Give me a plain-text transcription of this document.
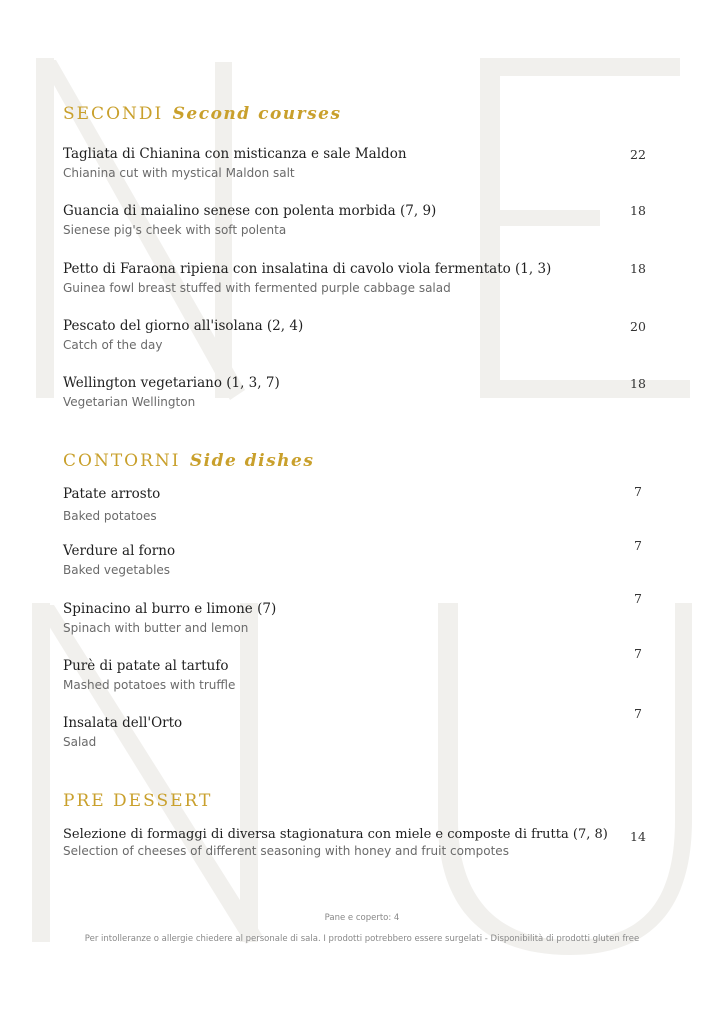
SECONDI Second courses
Tagliata di Chianina con misticanza e sale Maldon
Chianina cut with mystical Maldon salt
22
Guancia di maialino senese con polenta morbida (7, 9)
Sienese pig's cheek with soft polenta
18
Petto di Faraona ripiena con insalatina di cavolo viola fermentato (1, 3)
Guinea fowl breast stuffed with fermented purple cabbage salad
18
Pescato del giorno all'isolana (2, 4)
Catch of the day
20
Wellington vegetariano (1, 3, 7)
Vegetarian Wellington
18
CONTORNI Side dishes
Patate arrosto
Baked potatoes
7
Verdure al forno
Baked vegetables
7
Spinacino al burro e limone (7)
Spinach with butter and lemon
7
Purè di patate al tartufo
Mashed potatoes with truffle
7
Insalata dell'Orto
Salad
7
PRE DESSERT
Selezione di formaggi di diversa stagionatura con miele e composte di frutta (7, 8)
Selection of cheeses of different seasoning with honey and fruit compotes
14
Pane e coperto: 4
Per intolleranze o allergie chiedere al personale di sala. I prodotti potrebbero essere surgelati - Disponibilità di prodotti gluten free
